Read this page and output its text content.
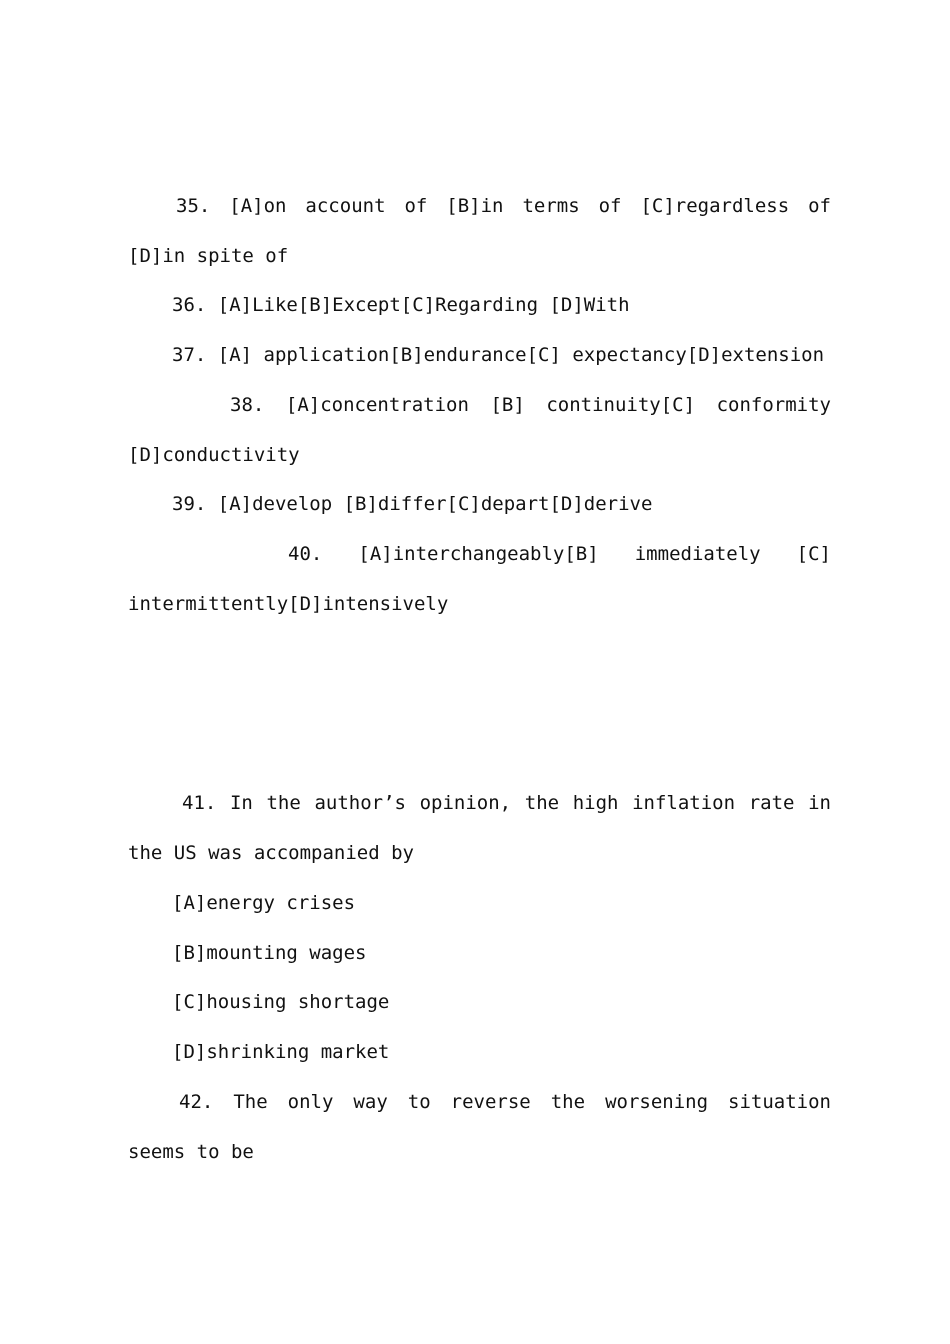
35. [A]on account of [B]in terms of [C]regardless of [D]in spite of

36. [A]Like[B]Except[C]Regarding [D]With

37. [A] application[B]endurance[C] expectancy[D]extension

38. [A]concentration [B] continuity[C] conformity [D]conductivity

39. [A]develop [B]differ[C]depart[D]derive

40. [A]interchangeably[B] immediately [C] intermittently[D]intensively

41. In the author’s opinion, the high inflation rate in the US was accompanied by

[A]energy crises

[B]mounting wages

[C]housing shortage

[D]shrinking market

42. The only way to reverse the worsening situation seems to be
